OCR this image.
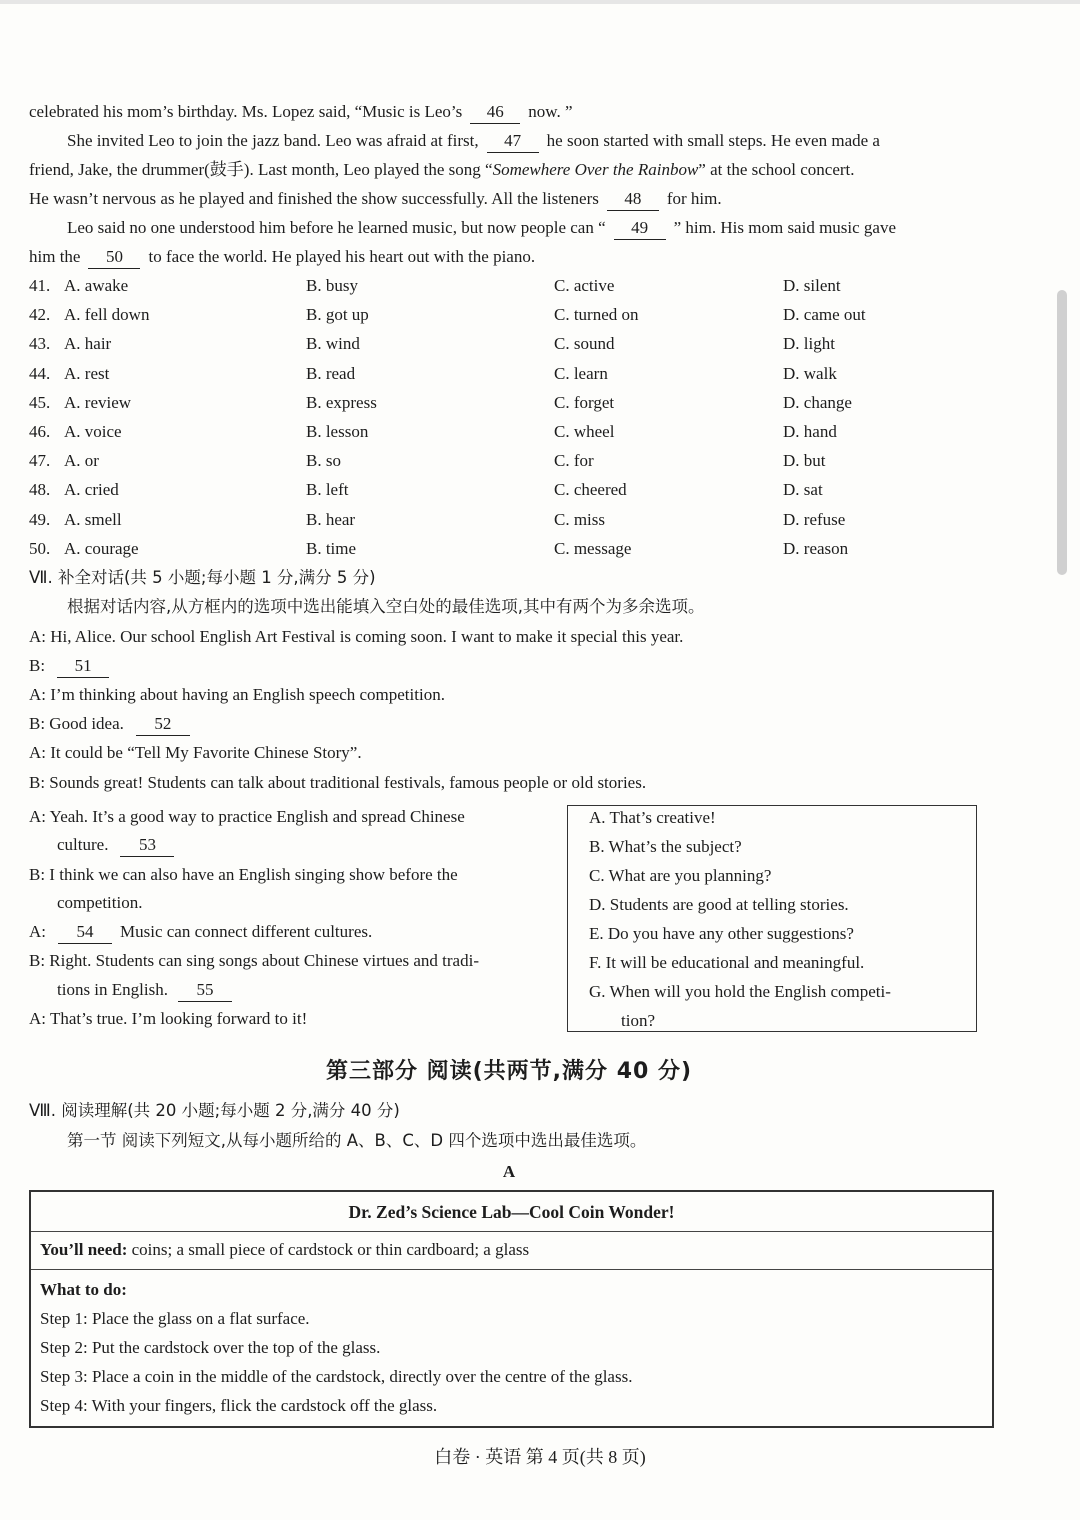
celebrated his mom’s birthday. Ms. Lopez said, “Music is Leo’s 46 now. ”
She invited Leo to join the jazz band. Leo was afraid at first, 47 he soon started with small steps. He even made a
friend, Jake, the drummer(鼓手). Last month, Leo played the song “Somewhere Over the Rainbow” at the school concert.
He wasn’t nervous as he played and finished the show successfully. All the listeners 48 for him.
Leo said no one understood him before he learned music, but now people can “ 49 ” him. His mom said music gave
him the 50 to face the world. He played his heart out with the piano.
41. A. awake	B. busy	C. active	D. silent
42. A. fell down	B. got up	C. turned on	D. came out
43. A. hair	B. wind	C. sound	D. light
44. A. rest	B. read	C. learn	D. walk
45. A. review	B. express	C. forget	D. change
46. A. voice	B. lesson	C. wheel	D. hand
47. A. or	B. so	C. for	D. but
48. A. cried	B. left	C. cheered	D. sat
49. A. smell	B. hear	C. miss	D. refuse
50. A. courage	B. time	C. message	D. reason
Ⅶ. 补全对话(共 5 小题;每小题 1 分,满分 5 分)
根据对话内容,从方框内的选项中选出能填入空白处的最佳选项,其中有两个为多余选项。
A: Hi, Alice. Our school English Art Festival is coming soon. I want to make it special this year.
B: 51
A: I’m thinking about having an English speech competition.
B: Good idea. 52
A: It could be “Tell My Favorite Chinese Story”.
B: Sounds great! Students can talk about traditional festivals, famous people or old stories.
A: Yeah. It’s a good way to practice English and spread Chinese
culture. 53
B: I think we can also have an English singing show before the
competition.
A: 54 Music can connect different cultures.
B: Right. Students can sing songs about Chinese virtues and tradi-
tions in English. 55
A: That’s true. I’m looking forward to it!
A. That’s creative!
B. What’s the subject?
C. What are you planning?
D. Students are good at telling stories.
E. Do you have any other suggestions?
F. It will be educational and meaningful.
G. When will you hold the English competi-
tion?
第三部分 阅读(共两节,满分 40 分)
Ⅷ. 阅读理解(共 20 小题;每小题 2 分,满分 40 分)
第一节 阅读下列短文,从每小题所给的 A、B、C、D 四个选项中选出最佳选项。
A
Dr. Zed’s Science Lab—Cool Coin Wonder!
You’ll need: coins; a small piece of cardstock or thin cardboard; a glass
What to do:
Step 1: Place the glass on a flat surface.
Step 2: Put the cardstock over the top of the glass.
Step 3: Place a coin in the middle of the cardstock, directly over the centre of the glass.
Step 4: With your fingers, flick the cardstock off the glass.
白卷 · 英语 第 4 页(共 8 页)
